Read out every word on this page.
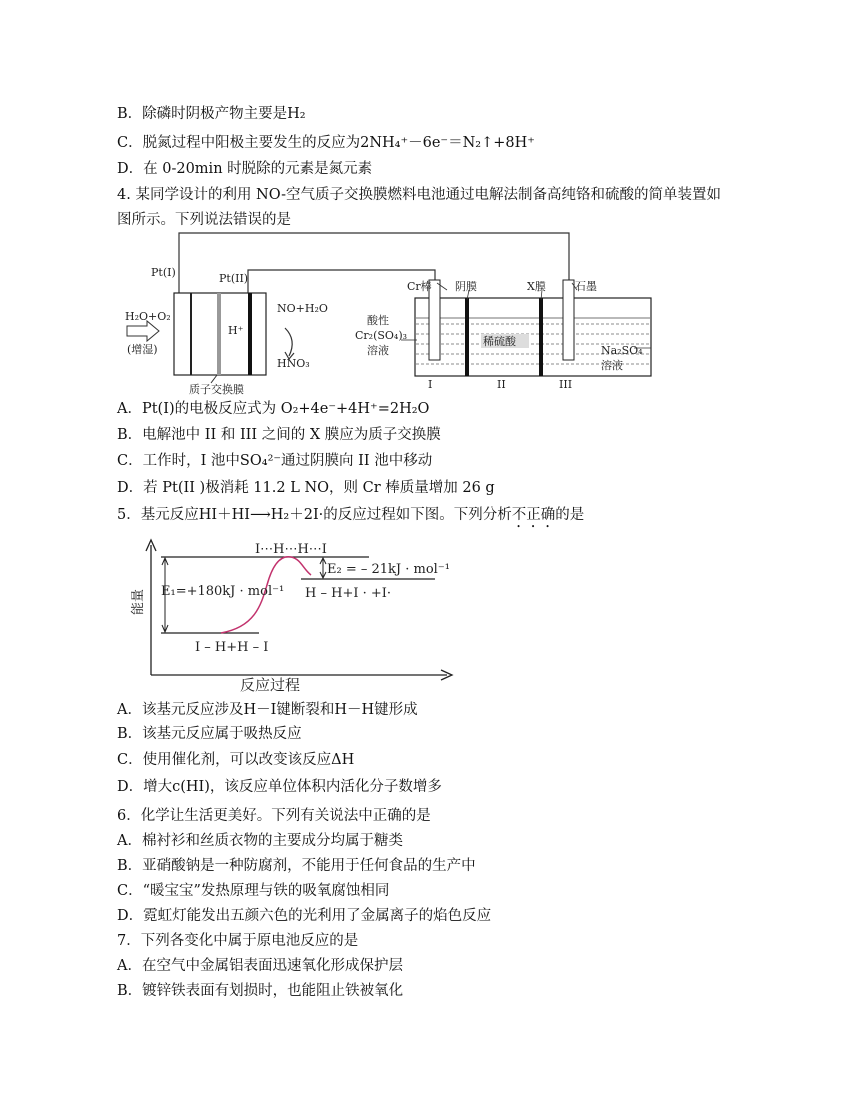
B．除磷时阴极产物主要是H₂
C．脱氮过程中阳极主要发生的反应为2NH₄⁺－6e⁻＝N₂↑+8H⁺
D．在 0-20min 时脱除的元素是氮元素
4. 某同学设计的利用 NO-空气质子交换膜燃料电池通过电解法制备高纯铬和硫酸的简单装置如
图所示。下列说法错误的是
Pt(I)	Pt(II)
H₂O+O₂
(增湿)
H⁺
NO+H₂O
HNO₃
质子交换膜
Cr棒 阴膜	X膜	石墨
酸性
Cr₂(SO₄)₃
溶液
稀硫酸
Na₂SO₄
溶液
I	II	III
A．Pt(Ⅰ)的电极反应式为 O₂+4e⁻+4H⁺=2H₂O
B．电解池中 II 和 III 之间的 X 膜应为质子交换膜
C．工作时，I 池中SO₄²⁻通过阴膜向 II 池中移动
D．若 Pt(II )极消耗 11.2 L NO，则 Cr 棒质量增加 26 g
5．基元反应HI＋HI⟶H₂＋2I·的反应过程如下图。下列分析不正确的是
I⋯H⋯H⋯I
E₂ = – 21kJ · mol⁻¹
E₁=+180kJ · mol⁻¹ H – H+I · +I·
I – H+H – I
能量
反应过程
A．该基元反应涉及H－I键断裂和H－H键形成
B．该基元反应属于吸热反应
C．使用催化剂，可以改变该反应ΔH
D．增大c(HI)，该反应单位体积内活化分子数增多
6．化学让生活更美好。下列有关说法中正确的是
A．棉衬衫和丝质衣物的主要成分均属于糖类
B．亚硝酸钠是一种防腐剂，不能用于任何食品的生产中
C．“暖宝宝”发热原理与铁的吸氧腐蚀相同
D．霓虹灯能发出五颜六色的光利用了金属离子的焰色反应
7．下列各变化中属于原电池反应的是
A．在空气中金属铝表面迅速氧化形成保护层
B．镀锌铁表面有划损时，也能阻止铁被氧化
